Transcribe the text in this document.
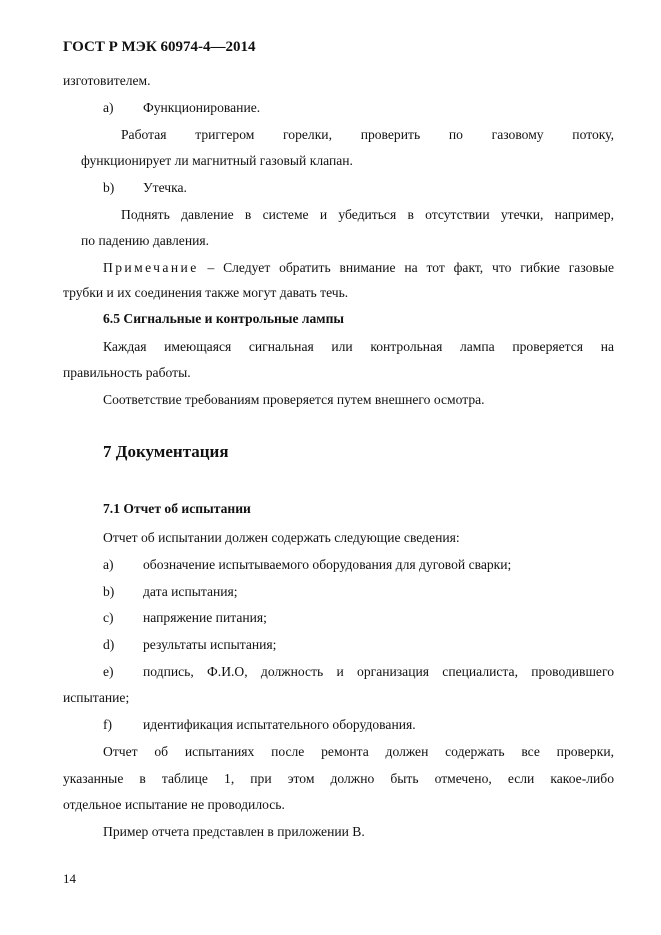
ГОСТ Р МЭК 60974-4—2014
изготовителем.
a) Функционирование.
Работая триггером горелки, проверить по газовому потоку,
функционирует ли магнитный газовый клапан.
b) Утечка.
Поднять давление в системе и убедиться в отсутствии утечки, например,
по падению давления.
Примечание – Следует обратить внимание на тот факт, что гибкие газовые
трубки и их соединения также могут давать течь.
6.5 Сигнальные и контрольные лампы
Каждая имеющаяся сигнальная или контрольная лампа проверяется на
правильность работы.
Соответствие требованиям проверяется путем внешнего осмотра.
7 Документация
7.1 Отчет об испытании
Отчет об испытании должен содержать следующие сведения:
a) обозначение испытываемого оборудования для дуговой сварки;
b) дата испытания;
c) напряжение питания;
d) результаты испытания;
e) подпись, Ф.И.О, должность и организация специалиста, проводившего
испытание;
f) идентификация испытательного оборудования.
Отчет об испытаниях после ремонта должен содержать все проверки,
указанные в таблице 1, при этом должно быть отмечено, если какое-либо
отдельное испытание не проводилось.
Пример отчета представлен в приложении В.
14
